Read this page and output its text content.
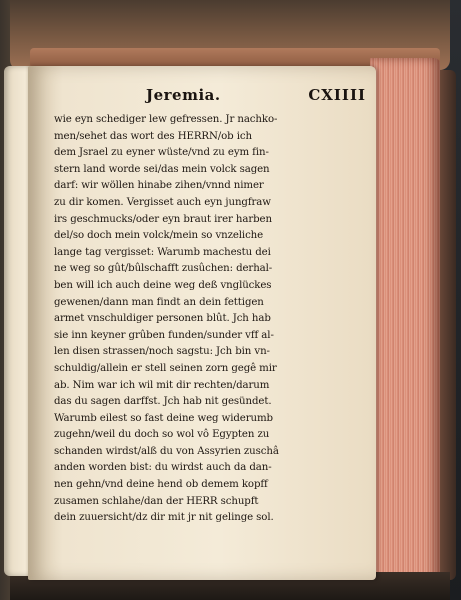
Jeremia.	CXIIII
wie eyn schediger lew gefressen. Jr nachko-
men/sehet das wort des HERRN/ob ich
dem Jsrael zu eyner wüste/vnd zu eym fin-
stern land worde sei/das mein volck sagen
darf: wir wöllen hinabe zihen/vnnd nimer
zu dir komen. Vergisset auch eyn jungfraw
irs geschmucks/oder eyn braut irer harben
del/so doch mein volck/mein so vnzeliche
lange tag vergisset: Warumb machestu dei
ne weg so gût/bûlschafft zusûchen: derhal-
ben will ich auch deine weg deß vnglückes
gewenen/dann man findt an dein fettigen
armet vnschuldiger personen blût. Jch hab
sie inn keyner grûben funden/sunder vff al-
len disen strassen/noch sagstu: Jch bin vn-
schuldig/allein er stell seinen zorn gegê mir
ab. Nim war ich wil mit dir rechten/darum
das du sagen darffst. Jch hab nit gesündet.
Warumb eilest so fast deine weg widerumb
zugehn/weil du doch so wol vô Egypten zu
schanden wirdst/alß du von Assyrien zuschâ
anden worden bist: du wirdst auch da dan-
nen gehn/vnd deine hend ob demem kopff
zusamen schlahe/dan der HERR schupft
dein zuuersicht/dz dir mit jr nit gelinge sol.
